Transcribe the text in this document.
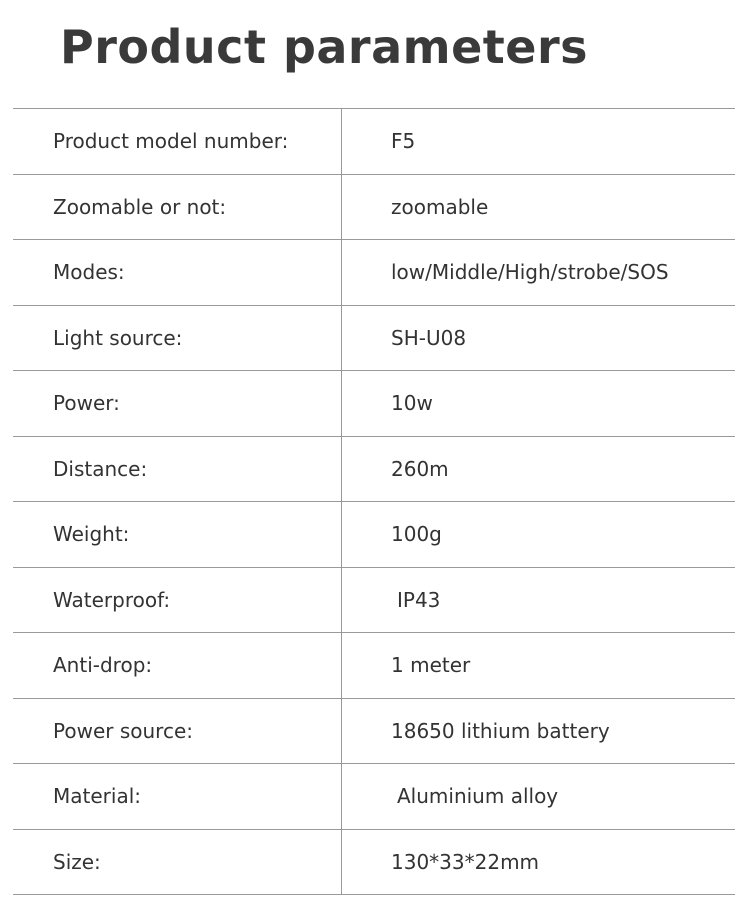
Product parameters
Product model number:	F5
Zoomable or not:	zoomable
Modes:	low/Middle/High/strobe/SOS
Light source:	SH-U08
Power:	10w
Distance:	260m
Weight:	100g
Waterproof:	IP43
Anti-drop:	1 meter
Power source:	18650 lithium battery
Material:	Aluminium alloy
Size:	130*33*22mm
